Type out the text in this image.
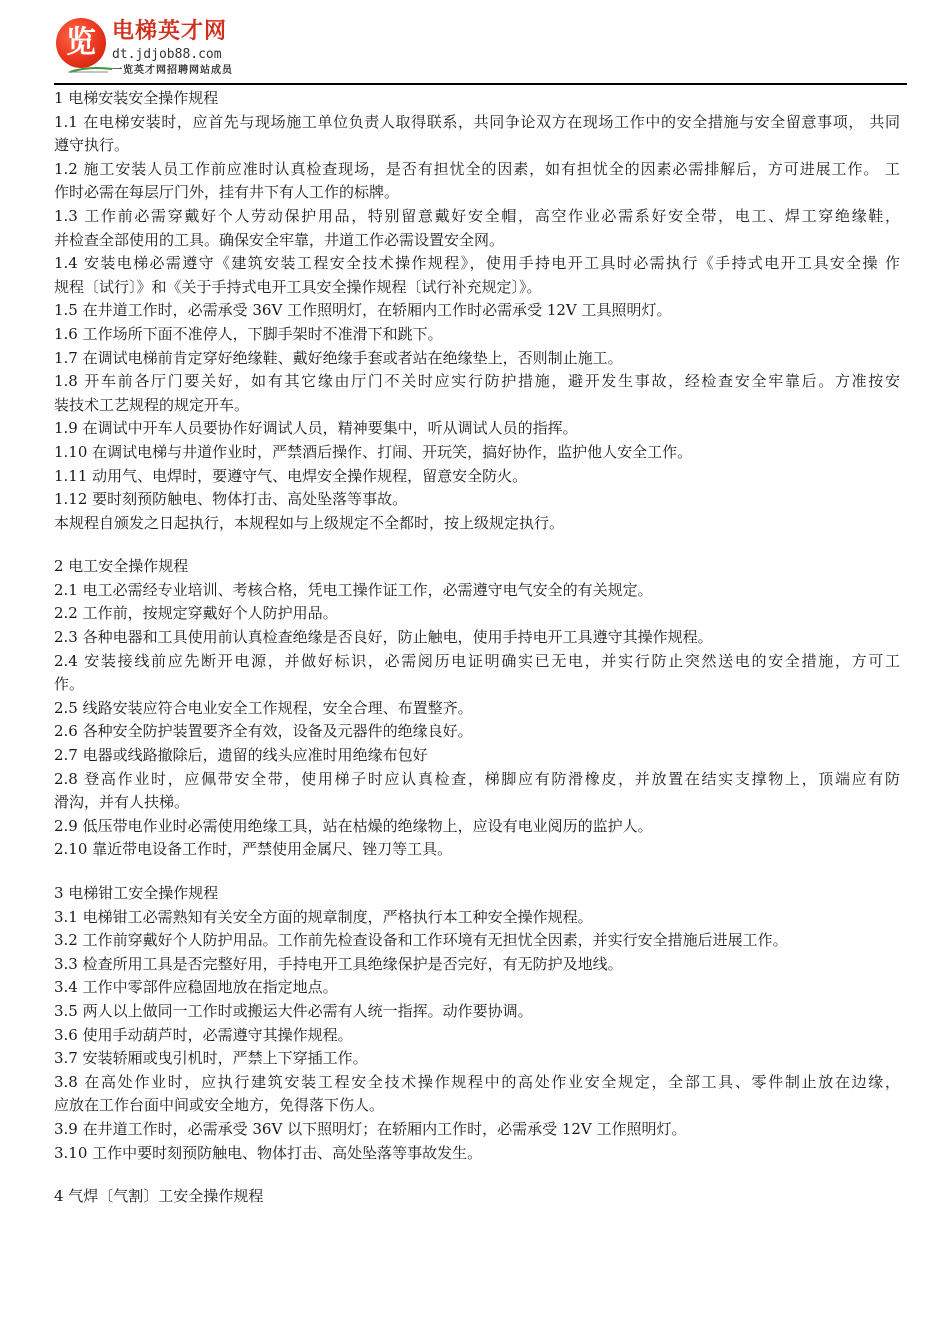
览 电梯英才网
dt.jdjob88.com
一览英才网招聘网站成员
1 电梯安装安全操作规程
1.1 在电梯安装时，应首先与现场施工单位负责人取得联系，共同争论双方在现场工作中的安全措施与安全留意事项， 共同
遵守执行。
1.2 施工安装人员工作前应准时认真检查现场，是否有担忧全的因素，如有担忧全的因素必需排解后，方可进展工作。 工
作时必需在每层厅门外，挂有井下有人工作的标牌。
1.3 工作前必需穿戴好个人劳动保护用品，特别留意戴好安全帽，高空作业必需系好安全带，电工、焊工穿绝缘鞋，
并检查全部使用的工具。确保安全牢靠，井道工作必需设置安全网。
1.4 安装电梯必需遵守《建筑安装工程安全技术操作规程》，使用手持电开工具时必需执行《手持式电开工具安全操 作
规程〔试行〕》和《关于手持式电开工具安全操作规程〔试行补充规定〕》。
1.5 在井道工作时，必需承受 36V 工作照明灯，在轿厢内工作时必需承受 12V 工具照明灯。
1.6 工作场所下面不准停人，下脚手架时不准滑下和跳下。
1.7 在调试电梯前肯定穿好绝缘鞋、戴好绝缘手套或者站在绝缘垫上，否则制止施工。
1.8 开车前各厅门要关好，如有其它缘由厅门不关时应实行防护措施，避开发生事故，经检查安全牢靠后。方准按安
装技术工艺规程的规定开车。
1.9 在调试中开车人员要协作好调试人员，精神要集中，听从调试人员的指挥。
1.10 在调试电梯与井道作业时，严禁酒后操作、打闹、开玩笑，搞好协作，监护他人安全工作。
1.11 动用气、电焊时，要遵守气、电焊安全操作规程，留意安全防火。
1.12 要时刻预防触电、物体打击、高处坠落等事故。
本规程自颁发之日起执行，本规程如与上级规定不全都时，按上级规定执行。
2 电工安全操作规程
2.1 电工必需经专业培训、考核合格，凭电工操作证工作，必需遵守电气安全的有关规定。
2.2 工作前，按规定穿戴好个人防护用品。
2.3 各种电器和工具使用前认真检查绝缘是否良好，防止触电，使用手持电开工具遵守其操作规程。
2.4 安装接线前应先断开电源，并做好标识，必需阅历电证明确实已无电，并实行防止突然送电的安全措施，方可工
作。
2.5 线路安装应符合电业安全工作规程，安全合理、布置整齐。
2.6 各种安全防护装置要齐全有效，设备及元器件的绝缘良好。
2.7 电器或线路撤除后，遗留的线头应准时用绝缘布包好
2.8 登高作业时，应佩带安全带，使用梯子时应认真检查，梯脚应有防滑橡皮，并放置在结实支撑物上，顶端应有防
滑沟，并有人扶梯。
2.9 低压带电作业时必需使用绝缘工具，站在枯燥的绝缘物上，应设有电业阅历的监护人。
2.10 靠近带电设备工作时，严禁使用金属尺、锉刀等工具。
3 电梯钳工安全操作规程
3.1 电梯钳工必需熟知有关安全方面的规章制度，严格执行本工种安全操作规程。
3.2 工作前穿戴好个人防护用品。工作前先检查设备和工作环境有无担忧全因素，并实行安全措施后进展工作。
3.3 检查所用工具是否完整好用，手持电开工具绝缘保护是否完好，有无防护及地线。
3.4 工作中零部件应稳固地放在指定地点。
3.5 两人以上做同一工作时或搬运大件必需有人统一指挥。动作要协调。
3.6 使用手动葫芦时，必需遵守其操作规程。
3.7 安装轿厢或曳引机时，严禁上下穿插工作。
3.8 在高处作业时，应执行建筑安装工程安全技术操作规程中的高处作业安全规定，全部工具、零件制止放在边缘，
应放在工作台面中间或安全地方，免得落下伤人。
3.9 在井道工作时，必需承受 36V 以下照明灯；在轿厢内工作时，必需承受 12V 工作照明灯。
3.10 工作中要时刻预防触电、物体打击、高处坠落等事故发生。
4 气焊〔气割〕工安全操作规程
